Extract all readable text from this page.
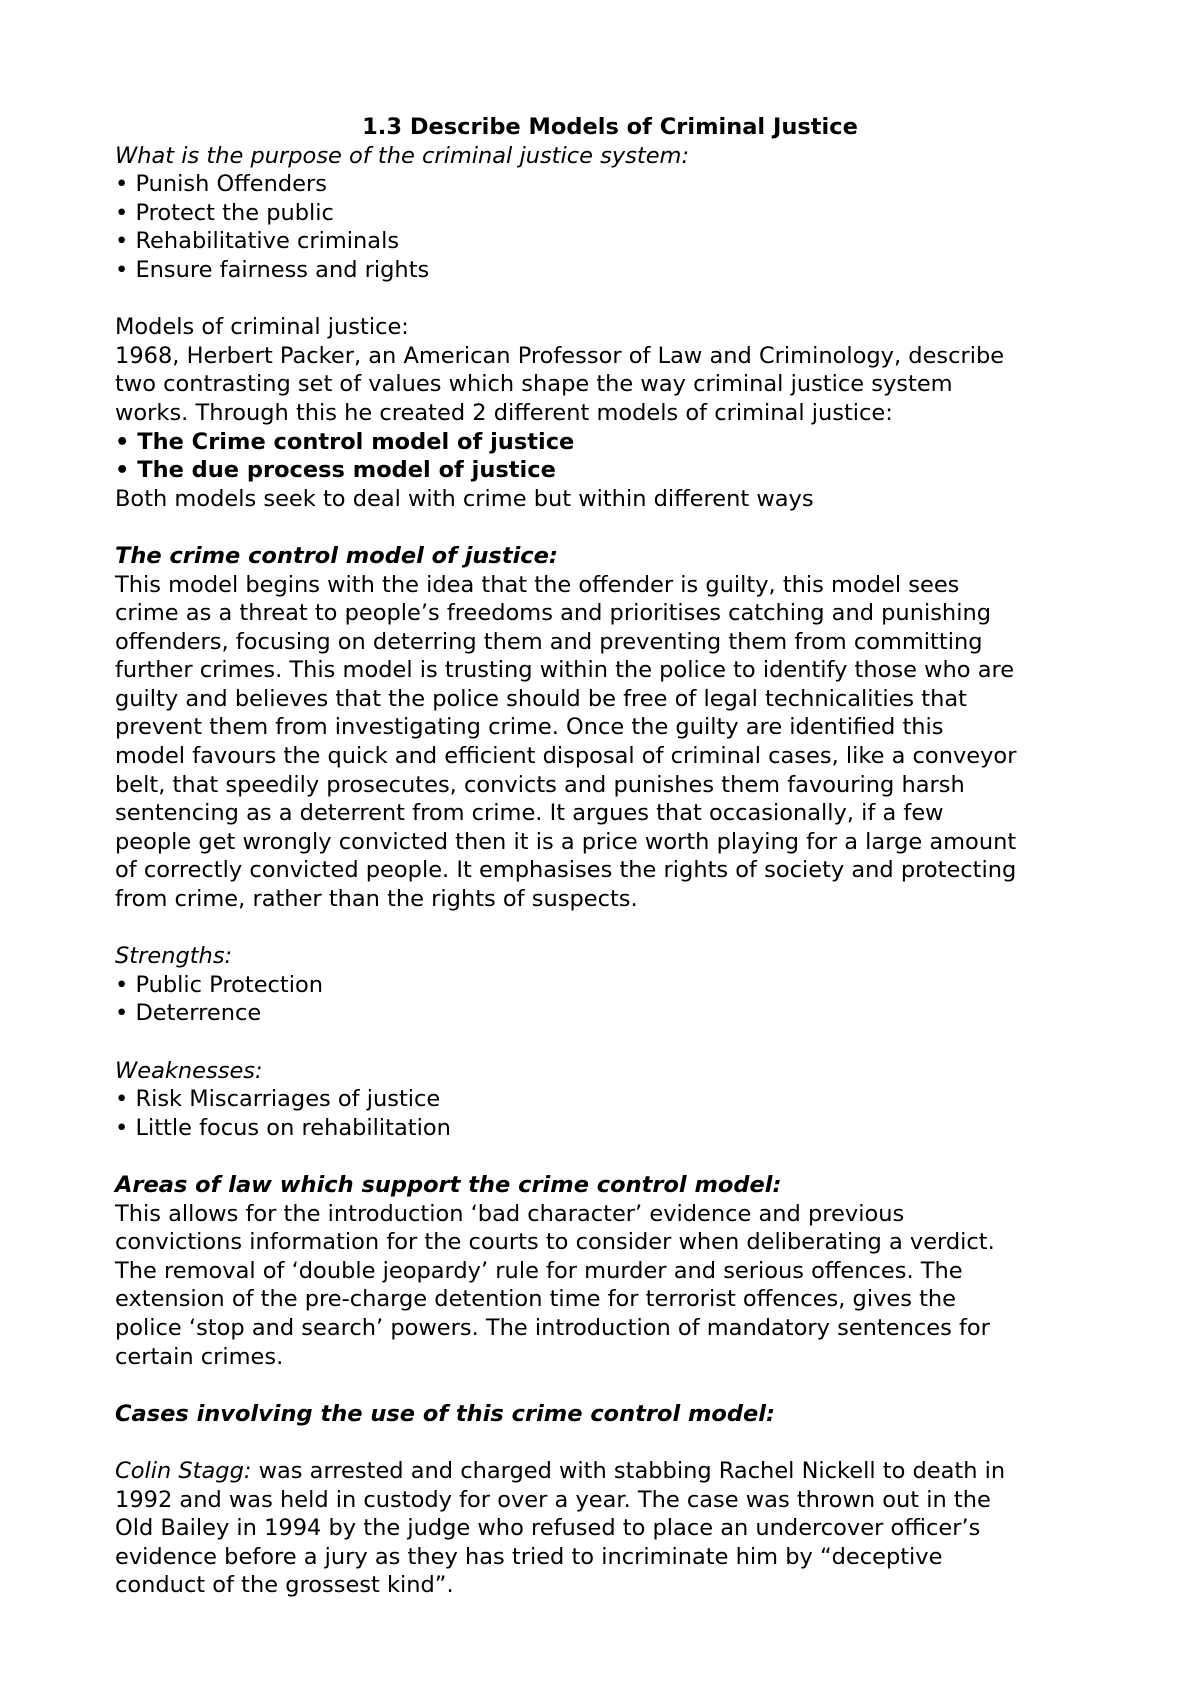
1.3 Describe Models of Criminal Justice

What is the purpose of the criminal justice system:

• Punish Offenders

• Protect the public

• Rehabilitative criminals

• Ensure fairness and rights

Models of criminal justice:

1968, Herbert Packer, an American Professor of Law and Criminology, describe

two contrasting set of values which shape the way criminal justice system

works. Through this he created 2 different models of criminal justice:

• The Crime control model of justice

• The due process model of justice

Both models seek to deal with crime but within different ways

The crime control model of justice:

This model begins with the idea that the offender is guilty, this model sees

crime as a threat to people’s freedoms and prioritises catching and punishing

offenders, focusing on deterring them and preventing them from committing

further crimes. This model is trusting within the police to identify those who are

guilty and believes that the police should be free of legal technicalities that

prevent them from investigating crime. Once the guilty are identified this

model favours the quick and efficient disposal of criminal cases, like a conveyor

belt, that speedily prosecutes, convicts and punishes them favouring harsh

sentencing as a deterrent from crime. It argues that occasionally, if a few

people get wrongly convicted then it is a price worth playing for a large amount

of correctly convicted people. It emphasises the rights of society and protecting

from crime, rather than the rights of suspects.

Strengths:

• Public Protection

• Deterrence

Weaknesses:

• Risk Miscarriages of justice

• Little focus on rehabilitation

Areas of law which support the crime control model:

This allows for the introduction ‘bad character’ evidence and previous

convictions information for the courts to consider when deliberating a verdict.

The removal of ‘double jeopardy’ rule for murder and serious offences. The

extension of the pre-charge detention time for terrorist offences, gives the

police ‘stop and search’ powers. The introduction of mandatory sentences for

certain crimes.

Cases involving the use of this crime control model:

Colin Stagg: was arrested and charged with stabbing Rachel Nickell to death in

1992 and was held in custody for over a year. The case was thrown out in the

Old Bailey in 1994 by the judge who refused to place an undercover officer’s

evidence before a jury as they has tried to incriminate him by “deceptive

conduct of the grossest kind”.
